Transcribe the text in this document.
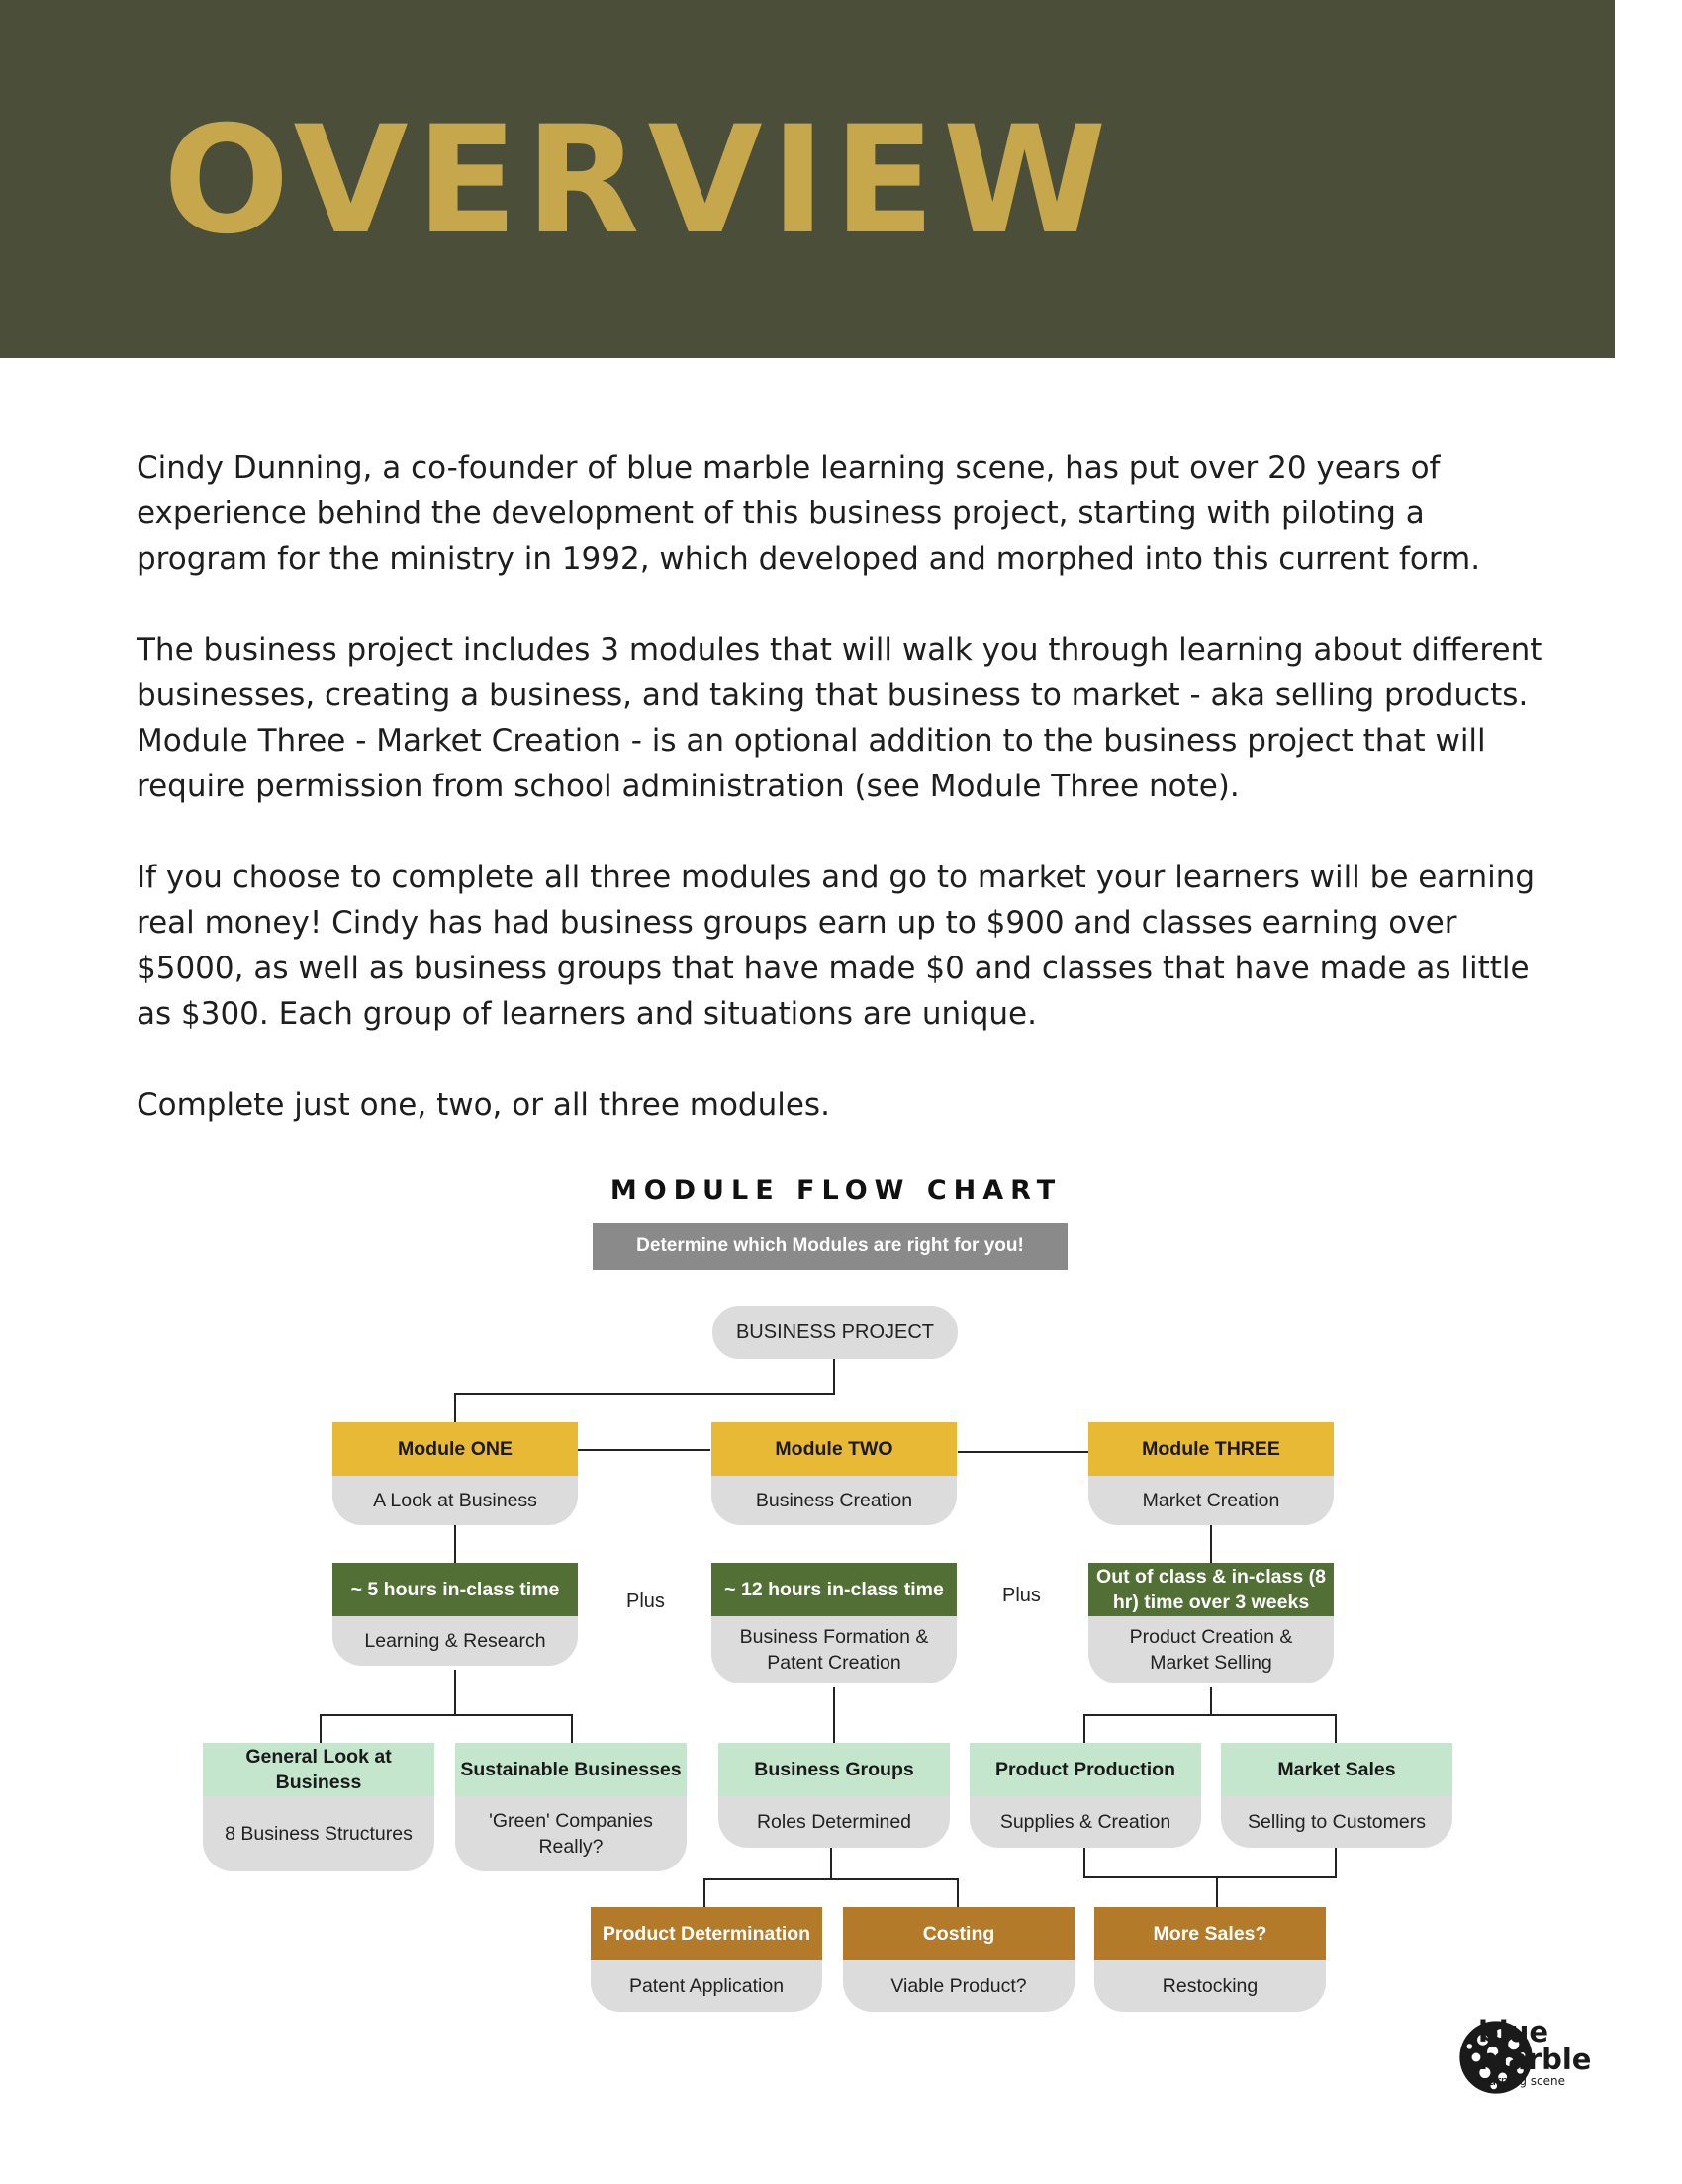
OVERVIEW

Cindy Dunning, a co-founder of blue marble learning scene, has put over 20 years of experience behind the development of this business project, starting with piloting a program for the ministry in 1992, which developed and morphed into this current form.

The business project includes 3 modules that will walk you through learning about different businesses, creating a business, and taking that business to market - aka selling products. Module Three - Market Creation - is an optional addition to the business project that will require permission from school administration (see Module Three note).

If you choose to complete all three modules and go to market your learners will be earning real money! Cindy has had business groups earn up to $900 and classes earning over $5000, as well as business groups that have made $0 and classes that have made as little as $300. Each group of learners and situations are unique.

Complete just one, two, or all three modules.

MODULE FLOW CHART
Determine which Modules are right for you!
BUSINESS PROJECT
Module ONE
A Look at Business
Module TWO
Business Creation
Module THREE
Market Creation
~ 5 hours in-class time
Learning & Research
~ 12 hours in-class time
Business Formation & Patent Creation
Out of class & in-class (8 hr) time over 3 weeks
Product Creation & Market Selling
Plus	Plus
General Look at Business
8 Business Structures
Sustainable Businesses
'Green' Companies Really?
Business Groups
Roles Determined
Product Production
Supplies & Creation
Market Sales
Selling to Customers
Product Determination
Patent Application
Costing
Viable Product?
More Sales?
Restocking
blue
marble
learning scene
